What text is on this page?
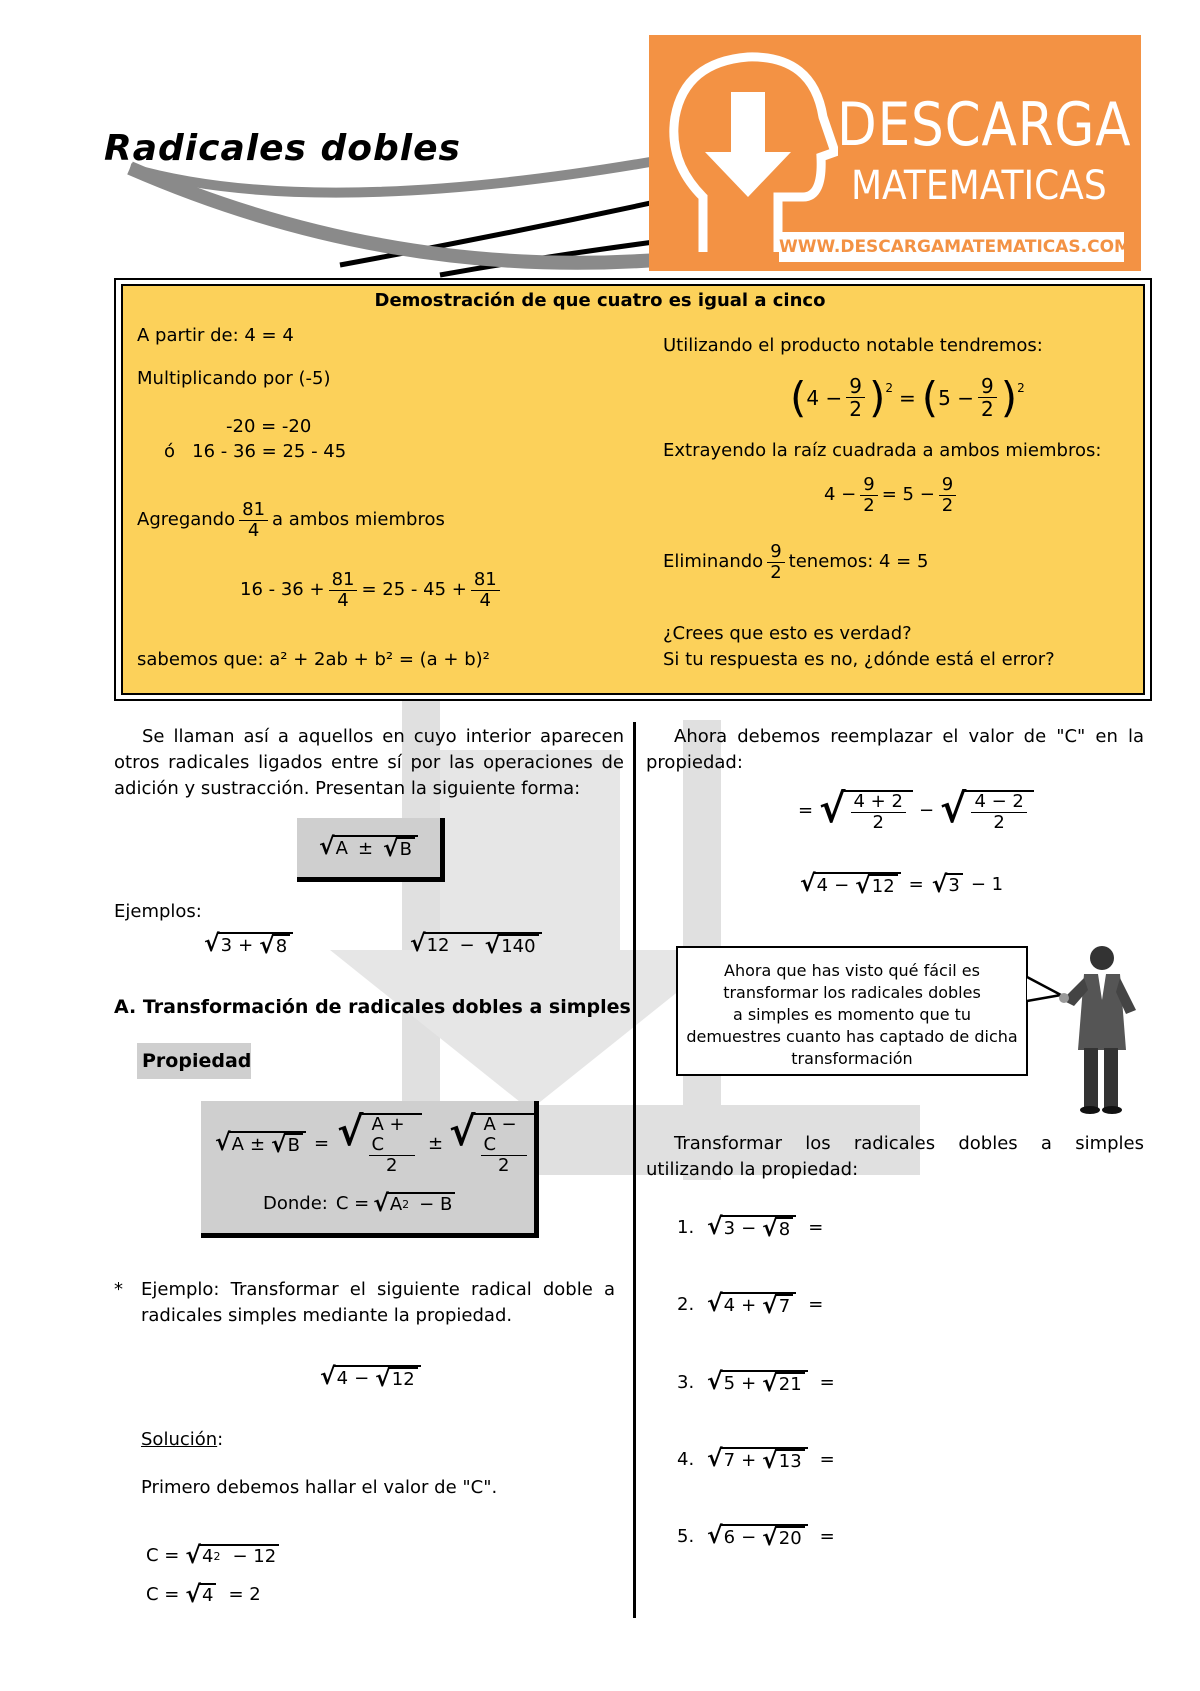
Radicales dobles	DESCARGA
MATEMATICAS
WWW.DESCARGAMATEMATICAS.COM
Demostración de que cuatro es igual a cinco
A partir de: 4 = 4
Multiplicando por (-5)
-20 = -20
ó   16 - 36 = 25 - 45
Agregando $\frac{81}{4}$ a ambos miembros
$16 - 36 + \frac{81}{4} = 25 - 45 + \frac{81}{4}$
sabemos que: a² + 2ab + b² = (a + b)²
Utilizando el producto notable tendremos:
( $4 - \frac{9}{2} )^2$ = ( $5 - \frac{9}{2} )^2$
Extrayendo la raíz cuadrada a ambos miembros:
$4 - \frac{9}{2} = 5 - \frac{9}{2}$
Eliminando $\frac{9}{2}$ tenemos: 4 = 5
¿Crees que esto es verdad?
Si tu respuesta es no, ¿dónde está el error?
Se llaman así a aquellos en cuyo interior aparecen otros radicales ligados entre sí por las operaciones de adición y sustracción. Presentan la siguiente forma:
√ A ± √ B
Ejemplos:
√ 3 + √ 8	√ 12 − √ 140
A. Transformación de radicales dobles a simples
Propiedad
√ A ± √ B = √ $\frac{A + C}{2}$ ± √ $\frac{A - C}{2}$
Donde: C = √ A 2 − B
* Ejemplo: Transformar el siguiente radical doble a radicales simples mediante la propiedad.
√ 4 − √ 12
Solución:
Primero debemos hallar el valor de "C".
C = √ 4 2 − 12
C = √ 4 = 2
Ahora debemos reemplazar el valor de "C" en la propiedad:
= √ $\frac{4 + 2}{2}$ − √ $\frac{4 - 2}{2}$
√ 4 − √ 12 = √ 3 − 1
Ahora que has visto qué fácil es
transformar los radicales dobles
a simples es momento que tu
demuestres cuanto has captado de dicha
transformación
Transformar los radicales dobles a simples utilizando la propiedad:
1. √ 3 − √ 8 =
2. √ 4 + √ 7 =
3. √ 5 + √ 21 =
4. √ 7 + √ 13 =
5. √ 6 − √ 20 =
